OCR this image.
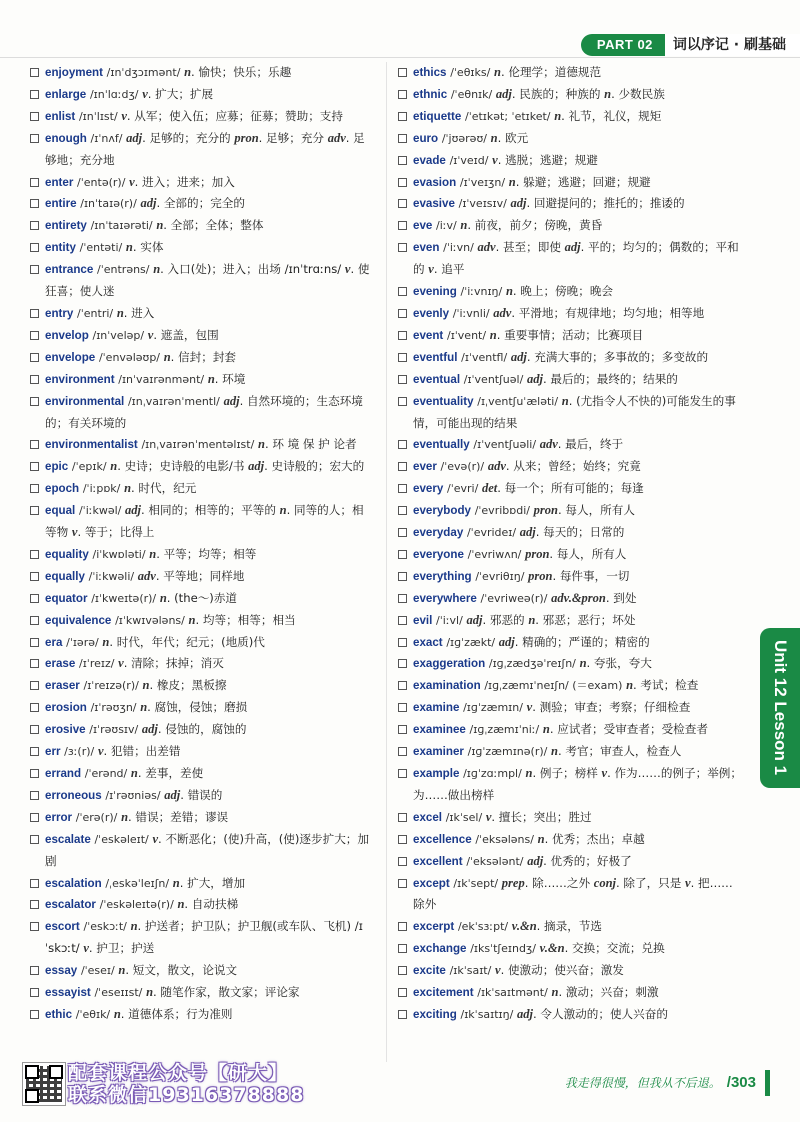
PART 02	词以序记 · 刷基础
enjoyment /ɪnˈdʒɔɪmənt/ n. 愉快；快乐；乐趣
enlarge /ɪnˈlɑːdʒ/ v. 扩大；扩展
enlist /ɪnˈlɪst/ v. 从军；使入伍；应募；征募；赞助；支持
enough /ɪˈnʌf/ adj. 足够的；充分的 pron. 足够；充分 adv. 足够地；充分地
enter /ˈentə(r)/ v. 进入；进来；加入
entire /ɪnˈtaɪə(r)/ adj. 全部的；完全的
entirety /ɪnˈtaɪərəti/ n. 全部；全体；整体
entity /ˈentəti/ n. 实体
entrance /ˈentrəns/ n. 入口(处)；进入；出场 /ɪnˈtrɑːns/ v. 使狂喜；使人迷
entry /ˈentri/ n. 进入
envelop /ɪnˈveləp/ v. 遮盖，包围
envelope /ˈenvələʊp/ n. 信封；封套
environment /ɪnˈvaɪrənmənt/ n. 环境
environmental /ɪnˌvaɪrənˈmentl/ adj. 自然环境的；生态环境的；有关环境的
environmentalist /ɪnˌvaɪrənˈmentəlɪst/ n. 环 境 保 护 论者
epic /ˈepɪk/ n. 史诗；史诗般的电影/书 adj. 史诗般的；宏大的
epoch /ˈiːpɒk/ n. 时代，纪元
equal /ˈiːkwəl/ adj. 相同的；相等的；平等的 n. 同等的人；相等物 v. 等于；比得上
equality /iˈkwɒləti/ n. 平等；均等；相等
equally /ˈiːkwəli/ adv. 平等地；同样地
equator /ɪˈkweɪtə(r)/ n. (the～)赤道
equivalence /ɪˈkwɪvələns/ n. 均等；相等；相当
era /ˈɪərə/ n. 时代，年代；纪元；(地质)代
erase /ɪˈreɪz/ v. 清除；抹掉；消灭
eraser /ɪˈreɪzə(r)/ n. 橡皮；黑板擦
erosion /ɪˈrəʊʒn/ n. 腐蚀，侵蚀；磨损
erosive /ɪˈrəʊsɪv/ adj. 侵蚀的，腐蚀的
err /ɜː(r)/ v. 犯错；出差错
errand /ˈerənd/ n. 差事，差使
erroneous /ɪˈrəʊniəs/ adj. 错误的
error /ˈerə(r)/ n. 错误；差错；谬误
escalate /ˈeskəleɪt/ v. 不断恶化；(使)升高，(使)逐步扩大；加剧
escalation /ˌeskəˈleɪʃn/ n. 扩大，增加
escalator /ˈeskəleɪtə(r)/ n. 自动扶梯
escort /ˈeskɔːt/ n. 护送者；护卫队；护卫舰(或车队、飞机) /ɪˈskɔːt/ v. 护卫；护送
essay /ˈeseɪ/ n. 短文，散文，论说文
essayist /ˈeseɪɪst/ n. 随笔作家，散文家；评论家
ethic /ˈeθɪk/ n. 道德体系；行为准则
ethics /ˈeθɪks/ n. 伦理学；道德规范
ethnic /ˈeθnɪk/ adj. 民族的；种族的 n. 少数民族
etiquette /ˈetɪkət; ˈetɪket/ n. 礼节，礼仪，规矩
euro /ˈjʊərəʊ/ n. 欧元
evade /ɪˈveɪd/ v. 逃脱；逃避；规避
evasion /ɪˈveɪʒn/ n. 躲避；逃避；回避；规避
evasive /ɪˈveɪsɪv/ adj. 回避提问的；推托的；推诿的
eve /iːv/ n. 前夜，前夕；傍晚，黄昏
even /ˈiːvn/ adv. 甚至；即使 adj. 平的；均匀的；偶数的；平和的 v. 追平
evening /ˈiːvnɪŋ/ n. 晚上；傍晚；晚会
evenly /ˈiːvnli/ adv. 平滑地；有规律地；均匀地；相等地
event /ɪˈvent/ n. 重要事情；活动；比赛项目
eventful /ɪˈventfl/ adj. 充满大事的；多事故的；多变故的
eventual /ɪˈventʃuəl/ adj. 最后的；最终的；结果的
eventuality /ɪˌventʃuˈæləti/ n. (尤指令人不快的)可能发生的事情，可能出现的结果
eventually /ɪˈventʃuəli/ adv. 最后，终于
ever /ˈevə(r)/ adv. 从来；曾经；始终；究竟
every /ˈevri/ det. 每一个；所有可能的；每逢
everybody /ˈevribɒdi/ pron. 每人，所有人
everyday /ˈevrideɪ/ adj. 每天的；日常的
everyone /ˈevriwʌn/ pron. 每人，所有人
everything /ˈevriθɪŋ/ pron. 每件事，一切
everywhere /ˈevriweə(r)/ adv.&pron. 到处
evil /ˈiːvl/ adj. 邪恶的 n. 邪恶；恶行；坏处
exact /ɪɡˈzækt/ adj. 精确的；严谨的；精密的
exaggeration /ɪɡˌzædʒəˈreɪʃn/ n. 夸张，夸大
examination /ɪɡˌzæmɪˈneɪʃn/ (＝exam) n. 考试；检查
examine /ɪɡˈzæmɪn/ v. 测验；审查；考察；仔细检查
examinee /ɪɡˌzæmɪˈniː/ n. 应试者；受审查者；受检查者
examiner /ɪɡˈzæmɪnə(r)/ n. 考官；审查人，检查人
example /ɪɡˈzɑːmpl/ n. 例子；榜样 v. 作为……的例子；举例；为……做出榜样
excel /ɪkˈsel/ v. 擅长；突出；胜过
excellence /ˈeksələns/ n. 优秀；杰出；卓越
excellent /ˈeksələnt/ adj. 优秀的；好极了
except /ɪkˈsept/ prep. 除……之外 conj. 除了，只是 v. 把……除外
excerpt /ekˈsɜːpt/ v.&n. 摘录，节选
exchange /ɪksˈtʃeɪndʒ/ v.&n. 交换；交流；兑换
excite /ɪkˈsaɪt/ v. 使激动；使兴奋；激发
excitement /ɪkˈsaɪtmənt/ n. 激动；兴奋；刺激
exciting /ɪkˈsaɪtɪŋ/ adj. 令人激动的；使人兴奋的
Unit 12 Lesson 1
配套课程公众号【研大】
联系微信19316378888
我走得很慢，但我从不后退。 /303
